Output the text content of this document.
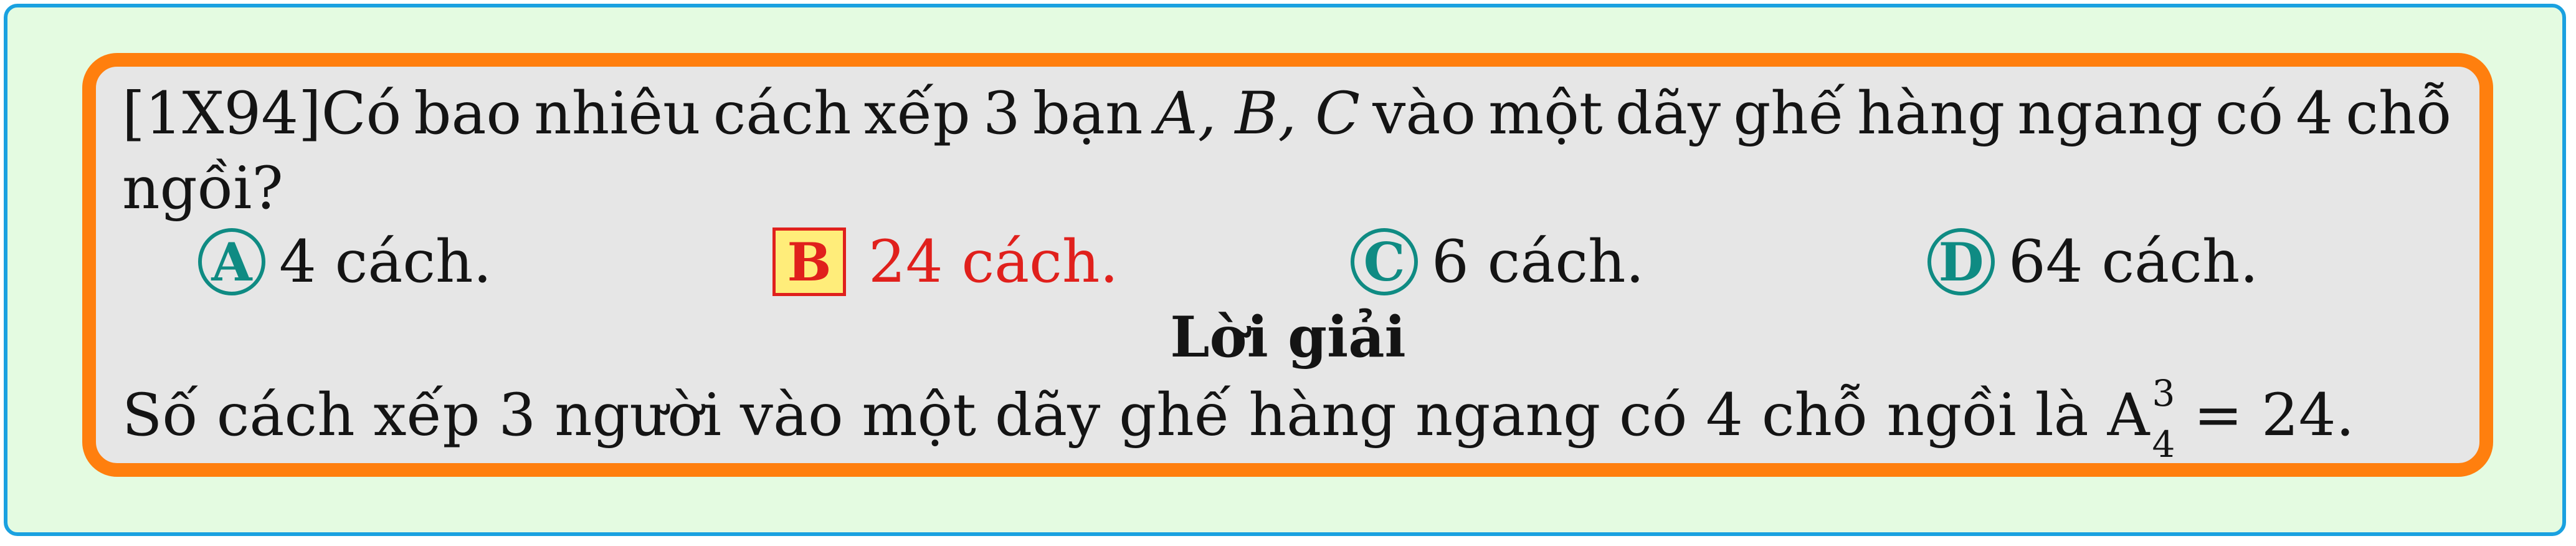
[1X94]Có bao nhiêu cách xếp 3 bạn A, B, C vào một dãy ghế hàng ngang có 4 chỗ
ngồi?
A 4 cách.	B 24 cách.	C 6 cách.	D 64 cách.
Lời giải
Số cách xếp 3 người vào một dãy ghế hàng ngang có 4 chỗ ngồi là A 3
4 = 24.
